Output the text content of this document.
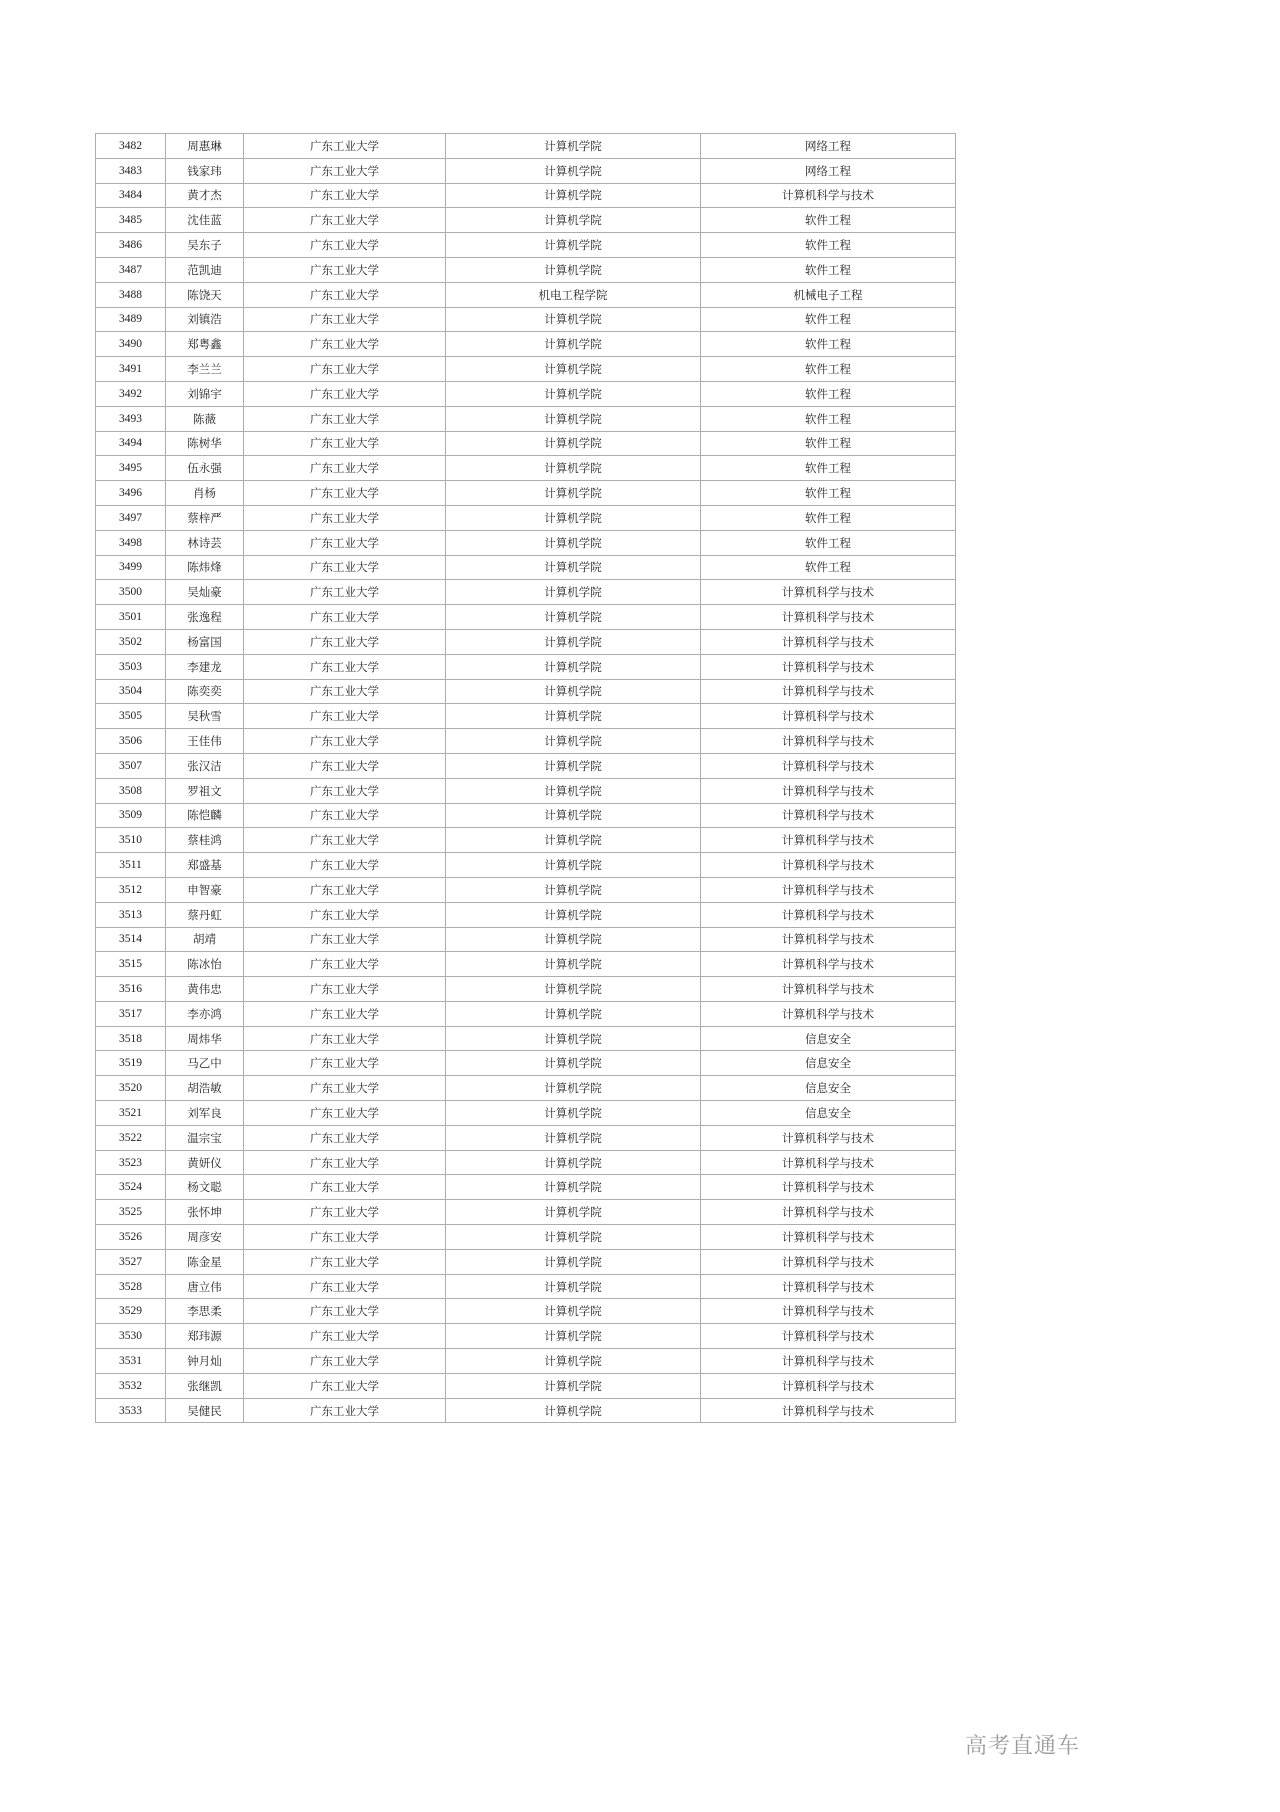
3482	周惠琳	广东工业大学	计算机学院	网络工程
3483	钱家玮	广东工业大学	计算机学院	网络工程
3484	黄才杰	广东工业大学	计算机学院	计算机科学与技术
3485	沈佳蓝	广东工业大学	计算机学院	软件工程
3486	吴东子	广东工业大学	计算机学院	软件工程
3487	范凯迪	广东工业大学	计算机学院	软件工程
3488	陈饶天	广东工业大学	机电工程学院	机械电子工程
3489	刘镇浩	广东工业大学	计算机学院	软件工程
3490	郑粤鑫	广东工业大学	计算机学院	软件工程
3491	李兰兰	广东工业大学	计算机学院	软件工程
3492	刘锦宇	广东工业大学	计算机学院	软件工程
3493	陈薇	广东工业大学	计算机学院	软件工程
3494	陈树华	广东工业大学	计算机学院	软件工程
3495	伍永强	广东工业大学	计算机学院	软件工程
3496	肖杨	广东工业大学	计算机学院	软件工程
3497	蔡梓严	广东工业大学	计算机学院	软件工程
3498	林诗芸	广东工业大学	计算机学院	软件工程
3499	陈炜烽	广东工业大学	计算机学院	软件工程
3500	吴灿豪	广东工业大学	计算机学院	计算机科学与技术
3501	张逸程	广东工业大学	计算机学院	计算机科学与技术
3502	杨富国	广东工业大学	计算机学院	计算机科学与技术
3503	李建龙	广东工业大学	计算机学院	计算机科学与技术
3504	陈奕奕	广东工业大学	计算机学院	计算机科学与技术
3505	吴秋雪	广东工业大学	计算机学院	计算机科学与技术
3506	王佳伟	广东工业大学	计算机学院	计算机科学与技术
3507	张汉洁	广东工业大学	计算机学院	计算机科学与技术
3508	罗祖文	广东工业大学	计算机学院	计算机科学与技术
3509	陈恺麟	广东工业大学	计算机学院	计算机科学与技术
3510	蔡桂鸿	广东工业大学	计算机学院	计算机科学与技术
3511	郑盛基	广东工业大学	计算机学院	计算机科学与技术
3512	申智豪	广东工业大学	计算机学院	计算机科学与技术
3513	蔡丹虹	广东工业大学	计算机学院	计算机科学与技术
3514	胡靖	广东工业大学	计算机学院	计算机科学与技术
3515	陈冰怡	广东工业大学	计算机学院	计算机科学与技术
3516	黄伟忠	广东工业大学	计算机学院	计算机科学与技术
3517	李亦鸿	广东工业大学	计算机学院	计算机科学与技术
3518	周炜华	广东工业大学	计算机学院	信息安全
3519	马乙中	广东工业大学	计算机学院	信息安全
3520	胡浩敏	广东工业大学	计算机学院	信息安全
3521	刘军良	广东工业大学	计算机学院	信息安全
3522	温宗宝	广东工业大学	计算机学院	计算机科学与技术
3523	黄妍仪	广东工业大学	计算机学院	计算机科学与技术
3524	杨文聪	广东工业大学	计算机学院	计算机科学与技术
3525	张怀坤	广东工业大学	计算机学院	计算机科学与技术
3526	周彦安	广东工业大学	计算机学院	计算机科学与技术
3527	陈金星	广东工业大学	计算机学院	计算机科学与技术
3528	唐立伟	广东工业大学	计算机学院	计算机科学与技术
3529	李思柔	广东工业大学	计算机学院	计算机科学与技术
3530	郑玮源	广东工业大学	计算机学院	计算机科学与技术
3531	钟月灿	广东工业大学	计算机学院	计算机科学与技术
3532	张继凯	广东工业大学	计算机学院	计算机科学与技术
3533	吴健民	广东工业大学	计算机学院	计算机科学与技术
高考直通车
